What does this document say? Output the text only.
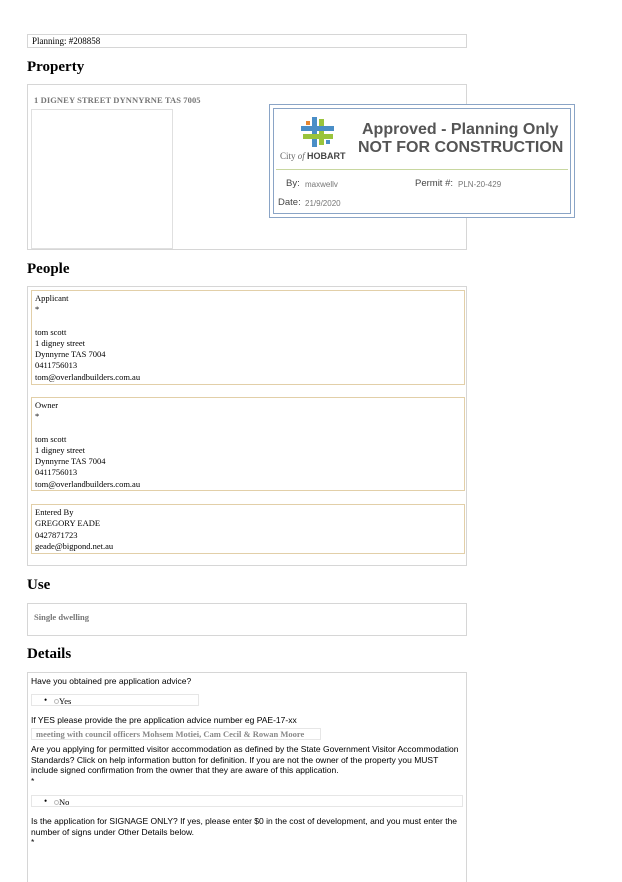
Planning: #208858
Property
1 DIGNEY STREET DYNNYRNE TAS 7005
City of HOBART
Approved - Planning Only
NOT FOR CONSTRUCTION
By: maxwellv	Permit #: PLN-20-429
Date: 21/9/2020
People
Applicant
*
tom scott
1 digney street
Dynnyrne TAS 7004
0411756013
tom@overlandbuilders.com.au
Owner
*
tom scott
1 digney street
Dynnyrne TAS 7004
0411756013
tom@overlandbuilders.com.au
Entered By
GREGORY EADE
0427871723
geade@bigpond.net.au
Use
Single dwelling
Details
Have you obtained pre application advice?
• Yes
If YES please provide the pre application advice number eg PAE-17-xx
meeting with council officers Mohsem Motiei, Cam Cecil & Rowan Moore
Are you applying for permitted visitor accommodation as defined by the State Government Visitor Accommodation Standards? Click on help information button for definition. If you are not the owner of the property you MUST include signed confirmation from the owner that they are aware of this application.
*
• No
Is the application for SIGNAGE ONLY? If yes, please enter $0 in the cost of development, and you must enter the number of signs under Other Details below.
*
